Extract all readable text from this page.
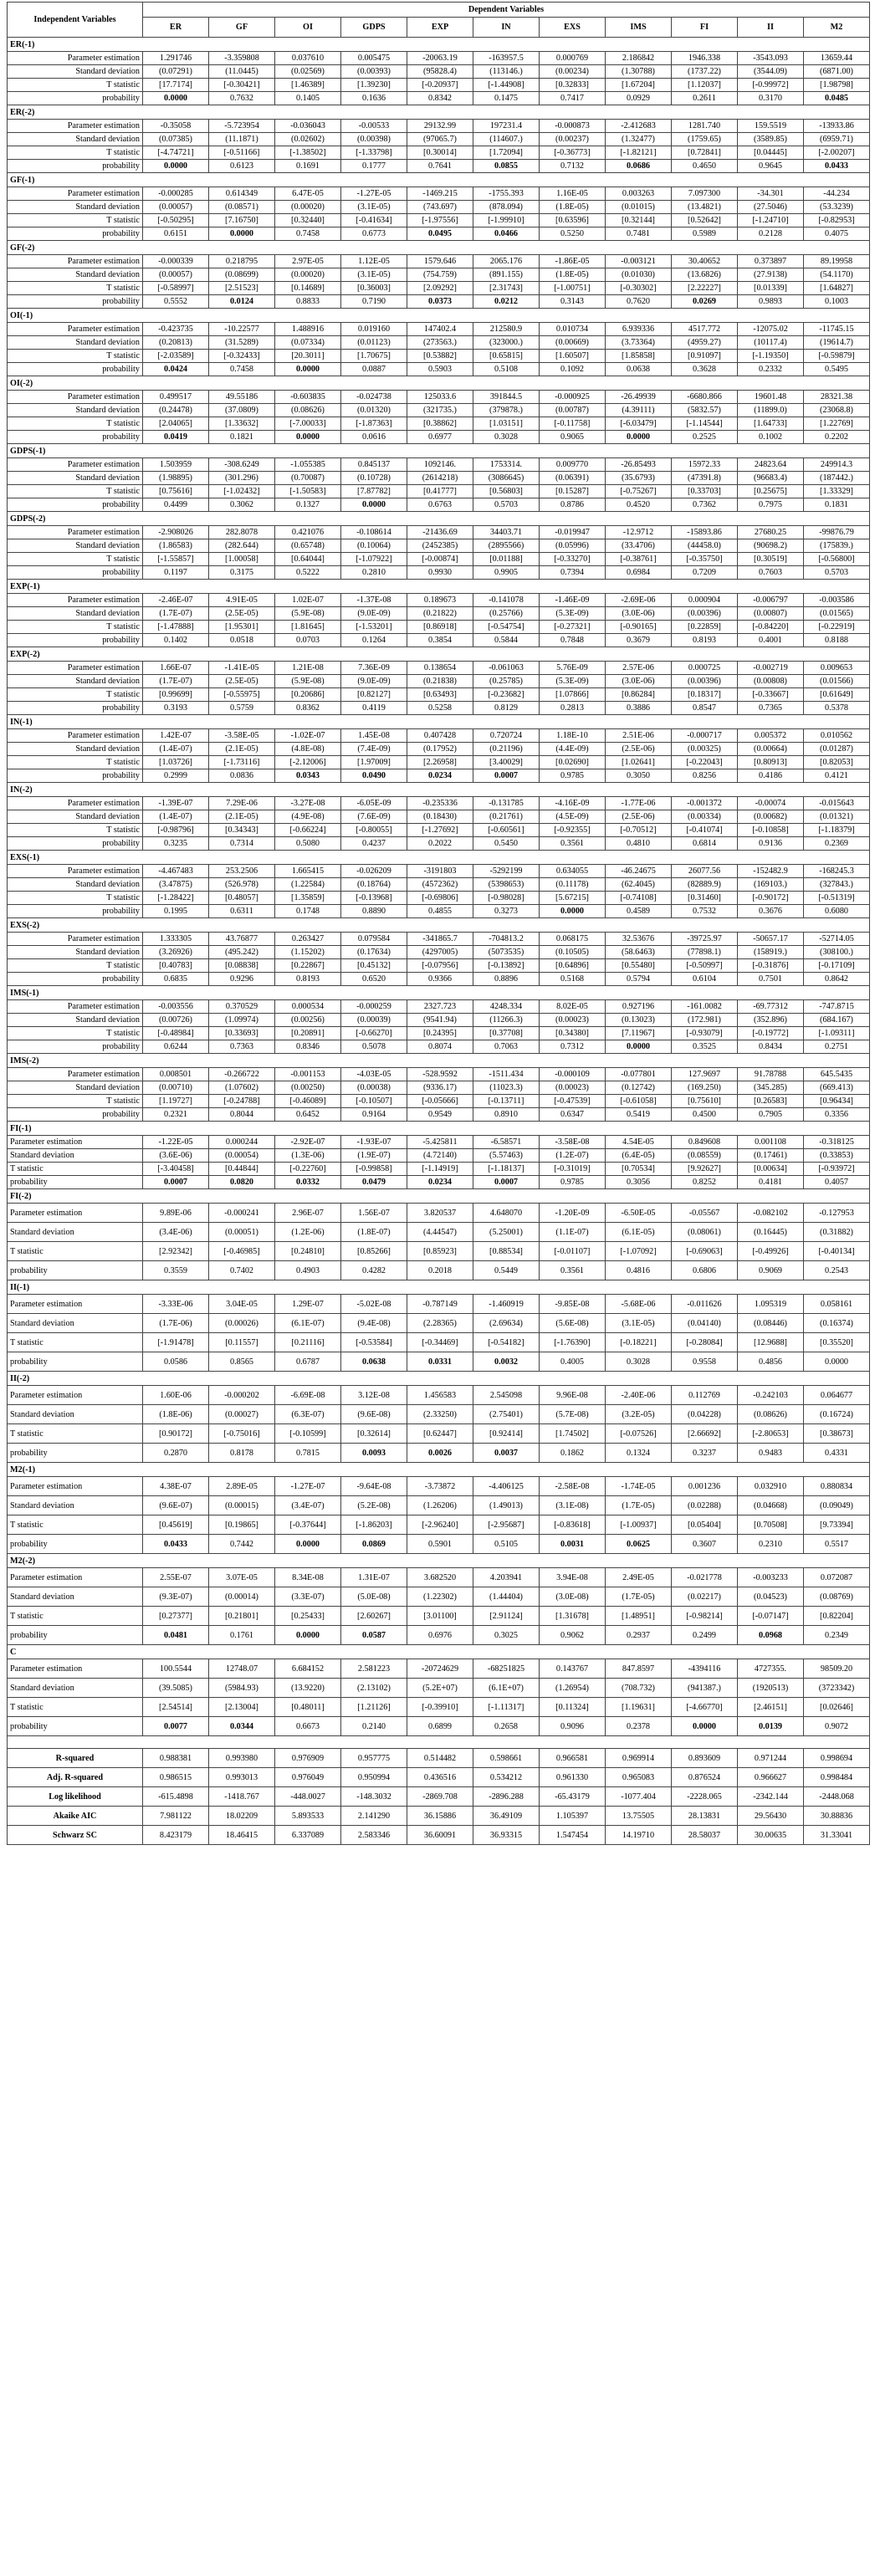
Independent Variables	Dependent Variables										
	ER	GF	OI	GDPS	EXP	IN	EXS	IMS	FI	II	M2
ER(-1)											
Parameter estimation	1.291746	-3.359808	0.037610	0.005475	-20063.19	-163957.5	0.000769	2.186842	1946.338	-3543.093	13659.44
Standard deviation	(0.07291)	(11.0445)	(0.02569)	(0.00393)	(95828.4)	(113146.)	(0.00234)	(1.30788)	(1737.22)	(3544.09)	(6871.00)
T statistic	[17.7174]	[-0.30421]	[1.46389]	[1.39230]	[-0.20937]	[-1.44908]	[0.32833]	[1.67204]	[1.12037]	[-0.99972]	[1.98798]
probability	0.0000	0.7632	0.1405	0.1636	0.8342	0.1475	0.7417	0.0929	0.2611	0.3170	0.0485
ER(-2)											
Parameter estimation	-0.35058	-5.723954	-0.036043	-0.00533	29132.99	197231.4	-0.000873	-2.412683	1281.740	159.5519	-13933.86
Standard deviation	(0.07385)	(11.1871)	(0.02602)	(0.00398)	(97065.7)	(114607.)	(0.00237)	(1.32477)	(1759.65)	(3589.85)	(6959.71)
T statistic	[-4.74721]	[-0.51166]	[-1.38502]	[-1.33798]	[0.30014]	[1.72094]	[-0.36773]	[-1.82121]	[0.72841]	[0.04445]	[-2.00207]
probability	0.0000	0.6123	0.1691	0.1777	0.7641	0.0855	0.7132	0.0686	0.4650	0.9645	0.0433
GF(-1)											
Parameter estimation	-0.000285	0.614349	6.47E-05	-1.27E-05	-1469.215	-1755.393	1.16E-05	0.003263	7.097300	-34.301	-44.234
Standard deviation	(0.00057)	(0.08571)	(0.00020)	(3.1E-05)	(743.697)	(878.094)	(1.8E-05)	(0.01015)	(13.4821)	(27.5046)	(53.3239)
T statistic	[-0.50295]	[7.16750]	[0.32440]	[-0.41634]	[-1.97556]	[-1.99910]	[0.63596]	[0.32144]	[0.52642]	[-1.24710]	[-0.82953]
probability	0.6151	0.0000	0.7458	0.6773	0.0495	0.0466	0.5250	0.7481	0.5989	0.2128	0.4075
GF(-2)											
Parameter estimation	-0.000339	0.218795	2.97E-05	1.12E-05	1579.646	2065.176	-1.86E-05	-0.003121	30.40652	0.373897	89.19958
Standard deviation	(0.00057)	(0.08699)	(0.00020)	(3.1E-05)	(754.759)	(891.155)	(1.8E-05)	(0.01030)	(13.6826)	(27.9138)	(54.1170)
T statistic	[-0.58997]	[2.51523]	[0.14689]	[0.36003]	[2.09292]	[2.31743]	[-1.00751]	[-0.30302]	[2.22227]	[0.01339]	[1.64827]
probability	0.5552	0.0124	0.8833	0.7190	0.0373	0.0212	0.3143	0.7620	0.0269	0.9893	0.1003
OI(-1)											
Parameter estimation	-0.423735	-10.22577	1.488916	0.019160	147402.4	212580.9	0.010734	6.939336	4517.772	-12075.02	-11745.15
Standard deviation	(0.20813)	(31.5289)	(0.07334)	(0.01123)	(273563.)	(323000.)	(0.00669)	(3.73364)	(4959.27)	(10117.4)	(19614.7)
T statistic	[-2.03589]	[-0.32433]	[20.3011]	[1.70675]	[0.53882]	[0.65815]	[1.60507]	[1.85858]	[0.91097]	[-1.19350]	[-0.59879]
probability	0.0424	0.7458	0.0000	0.0887	0.5903	0.5108	0.1092	0.0638	0.3628	0.2332	0.5495
OI(-2)											
Parameter estimation	0.499517	49.55186	-0.603835	-0.024738	125033.6	391844.5	-0.000925	-26.49939	-6680.866	19601.48	28321.38
Standard deviation	(0.24478)	(37.0809)	(0.08626)	(0.01320)	(321735.)	(379878.)	(0.00787)	(4.39111)	(5832.57)	(11899.0)	(23068.8)
T statistic	[2.04065]	[1.33632]	[-7.00033]	[-1.87363]	[0.38862]	[1.03151]	[-0.11758]	[-6.03479]	[-1.14544]	[1.64733]	[1.22769]
probability	0.0419	0.1821	0.0000	0.0616	0.6977	0.3028	0.9065	0.0000	0.2525	0.1002	0.2202
GDPS(-1)											
Parameter estimation	1.503959	-308.6249	-1.055385	0.845137	1092146.	1753314.	0.009770	-26.85493	15972.33	24823.64	249914.3
Standard deviation	(1.98895)	(301.296)	(0.70087)	(0.10728)	(2614218)	(3086645)	(0.06391)	(35.6793)	(47391.8)	(96683.4)	(187442.)
T statistic	[0.75616]	[-1.02432]	[-1.50583]	[7.87782]	[0.41777]	[0.56803]	[0.15287]	[-0.75267]	[0.33703]	[0.25675]	[1.33329]
probability	0.4499	0.3062	0.1327	0.0000	0.6763	0.5703	0.8786	0.4520	0.7362	0.7975	0.1831
GDPS(-2)											
Parameter estimation	-2.908026	282.8078	0.421076	-0.108614	-21436.69	34403.71	-0.019947	-12.9712	-15893.86	27680.25	-99876.79
Standard deviation	(1.86583)	(282.644)	(0.65748)	(0.10064)	(2452385)	(2895566)	(0.05996)	(33.4706)	(44458.0)	(90698.2)	(175839.)
T statistic	[-1.55857]	[1.00058]	[0.64044]	[-1.07922]	[-0.00874]	[0.01188]	[-0.33270]	[-0.38761]	[-0.35750]	[0.30519]	[-0.56800]
probability	0.1197	0.3175	0.5222	0.2810	0.9930	0.9905	0.7394	0.6984	0.7209	0.7603	0.5703
EXP(-1)											
Parameter estimation	-2.46E-07	4.91E-05	1.02E-07	-1.37E-08	0.189673	-0.141078	-1.46E-09	-2.69E-06	0.000904	-0.006797	-0.003586
Standard deviation	(1.7E-07)	(2.5E-05)	(5.9E-08)	(9.0E-09)	(0.21822)	(0.25766)	(5.3E-09)	(3.0E-06)	(0.00396)	(0.00807)	(0.01565)
T statistic	[-1.47888]	[1.95301]	[1.81645]	[-1.53201]	[0.86918]	[-0.54754]	[-0.27321]	[-0.90165]	[0.22859]	[-0.84220]	[-0.22919]
probability	0.1402	0.0518	0.0703	0.1264	0.3854	0.5844	0.7848	0.3679	0.8193	0.4001	0.8188
EXP(-2)											
Parameter estimation	1.66E-07	-1.41E-05	1.21E-08	7.36E-09	0.138654	-0.061063	5.76E-09	2.57E-06	0.000725	-0.002719	0.009653
Standard deviation	(1.7E-07)	(2.5E-05)	(5.9E-08)	(9.0E-09)	(0.21838)	(0.25785)	(5.3E-09)	(3.0E-06)	(0.00396)	(0.00808)	(0.01566)
T statistic	[0.99699]	[-0.55975]	[0.20686]	[0.82127]	[0.63493]	[-0.23682]	[1.07866]	[0.86284]	[0.18317]	[-0.33667]	[0.61649]
probability	0.3193	0.5759	0.8362	0.4119	0.5258	0.8129	0.2813	0.3886	0.8547	0.7365	0.5378
IN(-1)											
Parameter estimation	1.42E-07	-3.58E-05	-1.02E-07	1.45E-08	0.407428	0.720724	1.18E-10	2.51E-06	-0.000717	0.005372	0.010562
Standard deviation	(1.4E-07)	(2.1E-05)	(4.8E-08)	(7.4E-09)	(0.17952)	(0.21196)	(4.4E-09)	(2.5E-06)	(0.00325)	(0.00664)	(0.01287)
T statistic	[1.03726]	[-1.73116]	[-2.12006]	[1.97009]	[2.26958]	[3.40029]	[0.02690]	[1.02641]	[-0.22043]	[0.80913]	[0.82053]
probability	0.2999	0.0836	0.0343	0.0490	0.0234	0.0007	0.9785	0.3050	0.8256	0.4186	0.4121
IN(-2)											
Parameter estimation	-1.39E-07	7.29E-06	-3.27E-08	-6.05E-09	-0.235336	-0.131785	-4.16E-09	-1.77E-06	-0.001372	-0.00074	-0.015643
Standard deviation	(1.4E-07)	(2.1E-05)	(4.9E-08)	(7.6E-09)	(0.18430)	(0.21761)	(4.5E-09)	(2.5E-06)	(0.00334)	(0.00682)	(0.01321)
T statistic	[-0.98796]	[0.34343]	[-0.66224]	[-0.80055]	[-1.27692]	[-0.60561]	[-0.92355]	[-0.70512]	[-0.41074]	[-0.10858]	[-1.18379]
probability	0.3235	0.7314	0.5080	0.4237	0.2022	0.5450	0.3561	0.4810	0.6814	0.9136	0.2369
EXS(-1)											
Parameter estimation	-4.467483	253.2506	1.665415	-0.026209	-3191803	-5292199	0.634055	-46.24675	26077.56	-152482.9	-168245.3
Standard deviation	(3.47875)	(526.978)	(1.22584)	(0.18764)	(4572362)	(5398653)	(0.11178)	(62.4045)	(82889.9)	(169103.)	(327843.)
T statistic	[-1.28422]	[0.48057]	[1.35859]	[-0.13968]	[-0.69806]	[-0.98028]	[5.67215]	[-0.74108]	[0.31460]	[-0.90172]	[-0.51319]
probability	0.1995	0.6311	0.1748	0.8890	0.4855	0.3273	0.0000	0.4589	0.7532	0.3676	0.6080
EXS(-2)											
Parameter estimation	1.333305	43.76877	0.263427	0.079584	-341865.7	-704813.2	0.068175	32.53676	-39725.97	-50657.17	-52714.05
Standard deviation	(3.26926)	(495.242)	(1.15202)	(0.17634)	(4297005)	(5073535)	(0.10505)	(58.6463)	(77898.1)	(158919.)	(308100.)
T statistic	[0.40783]	[0.08838]	[0.22867]	[0.45132]	[-0.07956]	[-0.13892]	[0.64896]	[0.55480]	[-0.50997]	[-0.31876]	[-0.17109]
probability	0.6835	0.9296	0.8193	0.6520	0.9366	0.8896	0.5168	0.5794	0.6104	0.7501	0.8642
IMS(-1)											
Parameter estimation	-0.003556	0.370529	0.000534	-0.000259	2327.723	4248.334	8.02E-05	0.927196	-161.0082	-69.77312	-747.8715
Standard deviation	(0.00726)	(1.09974)	(0.00256)	(0.00039)	(9541.94)	(11266.3)	(0.00023)	(0.13023)	(172.981)	(352.896)	(684.167)
T statistic	[-0.48984]	[0.33693]	[0.20891]	[-0.66270]	[0.24395]	[0.37708]	[0.34380]	[7.11967]	[-0.93079]	[-0.19772]	[-1.09311]
probability	0.6244	0.7363	0.8346	0.5078	0.8074	0.7063	0.7312	0.0000	0.3525	0.8434	0.2751
IMS(-2)											
Parameter estimation	0.008501	-0.266722	-0.001153	-4.03E-05	-528.9592	-1511.434	-0.000109	-0.077801	127.9697	91.78788	645.5435
Standard deviation	(0.00710)	(1.07602)	(0.00250)	(0.00038)	(9336.17)	(11023.3)	(0.00023)	(0.12742)	(169.250)	(345.285)	(669.413)
T statistic	[1.19727]	[-0.24788]	[-0.46089]	[-0.10507]	[-0.05666]	[-0.13711]	[-0.47539]	[-0.61058]	[0.75610]	[0.26583]	[0.96434]
probability	0.2321	0.8044	0.6452	0.9164	0.9549	0.8910	0.6347	0.5419	0.4500	0.7905	0.3356
FI(-1)											
Parameter estimation	-1.22E-05	0.000244	-2.92E-07	-1.93E-07	-5.425811	-6.58571	-3.58E-08	4.54E-05	0.849608	0.001108	-0.318125
Standard deviation	(3.6E-06)	(0.00054)	(1.3E-06)	(1.9E-07)	(4.72140)	(5.57463)	(1.2E-07)	(6.4E-05)	(0.08559)	(0.17461)	(0.33853)
T statistic	[-3.40458]	[0.44844]	[-0.22760]	[-0.99858]	[-1.14919]	[-1.18137]	[-0.31019]	[0.70534]	[9.92627]	[0.00634]	[-0.93972]
probability	0.0007	0.0820	0.0332	0.0479	0.0234	0.0007	0.9785	0.3056	0.8252	0.4181	0.4057
FI(-2)											
Parameter estimation	9.89E-06	-0.000241	2.96E-07	1.56E-07	3.820537	4.648070	-1.20E-09	-6.50E-05	-0.05567	-0.082102	-0.127953
Standard deviation	(3.4E-06)	(0.00051)	(1.2E-06)	(1.8E-07)	(4.44547)	(5.25001)	(1.1E-07)	(6.1E-05)	(0.08061)	(0.16445)	(0.31882)
T statistic	[2.92342]	[-0.46985]	[0.24810]	[0.85266]	[0.85923]	[0.88534]	[-0.01107]	[-1.07092]	[-0.69063]	[-0.49926]	[-0.40134]
probability	0.3559	0.7402	0.4903	0.4282	0.2018	0.5449	0.3561	0.4816	0.6806	0.9069	0.2543
II(-1)											
Parameter estimation	-3.33E-06	3.04E-05	1.29E-07	-5.02E-08	-0.787149	-1.460919	-9.85E-08	-5.68E-06	-0.011626	1.095319	0.058161
Standard deviation	(1.7E-06)	(0.00026)	(6.1E-07)	(9.4E-08)	(2.28365)	(2.69634)	(5.6E-08)	(3.1E-05)	(0.04140)	(0.08446)	(0.16374)
T statistic	[-1.91478]	[0.11557]	[0.21116]	[-0.53584]	[-0.34469]	[-0.54182]	[-1.76390]	[-0.18221]	[-0.28084]	[12.9688]	[0.35520]
probability	0.0586	0.8565	0.6787	0.0638	0.0331	0.0032	0.4005	0.3028	0.9558	0.4856	0.0000
II(-2)											
Parameter estimation	1.60E-06	-0.000202	-6.69E-08	3.12E-08	1.456583	2.545098	9.96E-08	-2.40E-06	0.112769	-0.242103	0.064677
Standard deviation	(1.8E-06)	(0.00027)	(6.3E-07)	(9.6E-08)	(2.33250)	(2.75401)	(5.7E-08)	(3.2E-05)	(0.04228)	(0.08626)	(0.16724)
T statistic	[0.90172]	[-0.75016]	[-0.10599]	[0.32614]	[0.62447]	[0.92414]	[1.74502]	[-0.07526]	[2.66692]	[-2.80653]	[0.38673]
probability	0.2870	0.8178	0.7815	0.0093	0.0026	0.0037	0.1862	0.1324	0.3237	0.9483	0.4331
M2(-1)											
Parameter estimation	4.38E-07	2.89E-05	-1.27E-07	-9.64E-08	-3.73872	-4.406125	-2.58E-08	-1.74E-05	0.001236	0.032910	0.880834
Standard deviation	(9.6E-07)	(0.00015)	(3.4E-07)	(5.2E-08)	(1.26206)	(1.49013)	(3.1E-08)	(1.7E-05)	(0.02288)	(0.04668)	(0.09049)
T statistic	[0.45619]	[0.19865]	[-0.37644]	[-1.86203]	[-2.96240]	[-2.95687]	[-0.83618]	[-1.00937]	[0.05404]	[0.70508]	[9.73394]
probability	0.0433	0.7442	0.0000	0.0869	0.5901	0.5105	0.0031	0.0625	0.3607	0.2310	0.5517
M2(-2)											
Parameter estimation	2.55E-07	3.07E-05	8.34E-08	1.31E-07	3.682520	4.203941	3.94E-08	2.49E-05	-0.021778	-0.003233	0.072087
Standard deviation	(9.3E-07)	(0.00014)	(3.3E-07)	(5.0E-08)	(1.22302)	(1.44404)	(3.0E-08)	(1.7E-05)	(0.02217)	(0.04523)	(0.08769)
T statistic	[0.27377]	[0.21801]	[0.25433]	[2.60267]	[3.01100]	[2.91124]	[1.31678]	[1.48951]	[-0.98214]	[-0.07147]	[0.82204]
probability	0.0481	0.1761	0.0000	0.0587	0.6976	0.3025	0.9062	0.2937	0.2499	0.0968	0.2349
C											
Parameter estimation	100.5544	12748.07	6.684152	2.581223	-20724629	-68251825	0.143767	847.8597	-4394116	4727355.	98509.20
Standard deviation	(39.5085)	(5984.93)	(13.9220)	(2.13102)	(5.2E+07)	(6.1E+07)	(1.26954)	(708.732)	(941387.)	(1920513)	(3723342)
T statistic	[2.54514]	[2.13004]	[0.48011]	[1.21126]	[-0.39910]	[-1.11317]	[0.11324]	[1.19631]	[-4.66770]	[2.46151]	[0.02646]
probability	0.0077	0.0344	0.6673	0.2140	0.6899	0.2658	0.9096	0.2378	0.0000	0.0139	0.9072

R-squared	0.988381	0.993980	0.976909	0.957775	0.514482	0.598661	0.966581	0.969914	0.893609	0.971244	0.998694
Adj. R-squared	0.986515	0.993013	0.976049	0.950994	0.436516	0.534212	0.961330	0.965083	0.876524	0.966627	0.998484
Log likelihood	-615.4898	-1418.767	-448.0027	-148.3032	-2869.708	-2896.288	-65.43179	-1077.404	-2228.065	-2342.144	-2448.068
Akaike AIC	7.981122	18.02209	5.893533	2.141290	36.15886	36.49109	1.105397	13.75505	28.13831	29.56430	30.88836
Schwarz SC	8.423179	18.46415	6.337089	2.583346	36.60091	36.93315	1.547454	14.19710	28.58037	30.00635	31.33041
